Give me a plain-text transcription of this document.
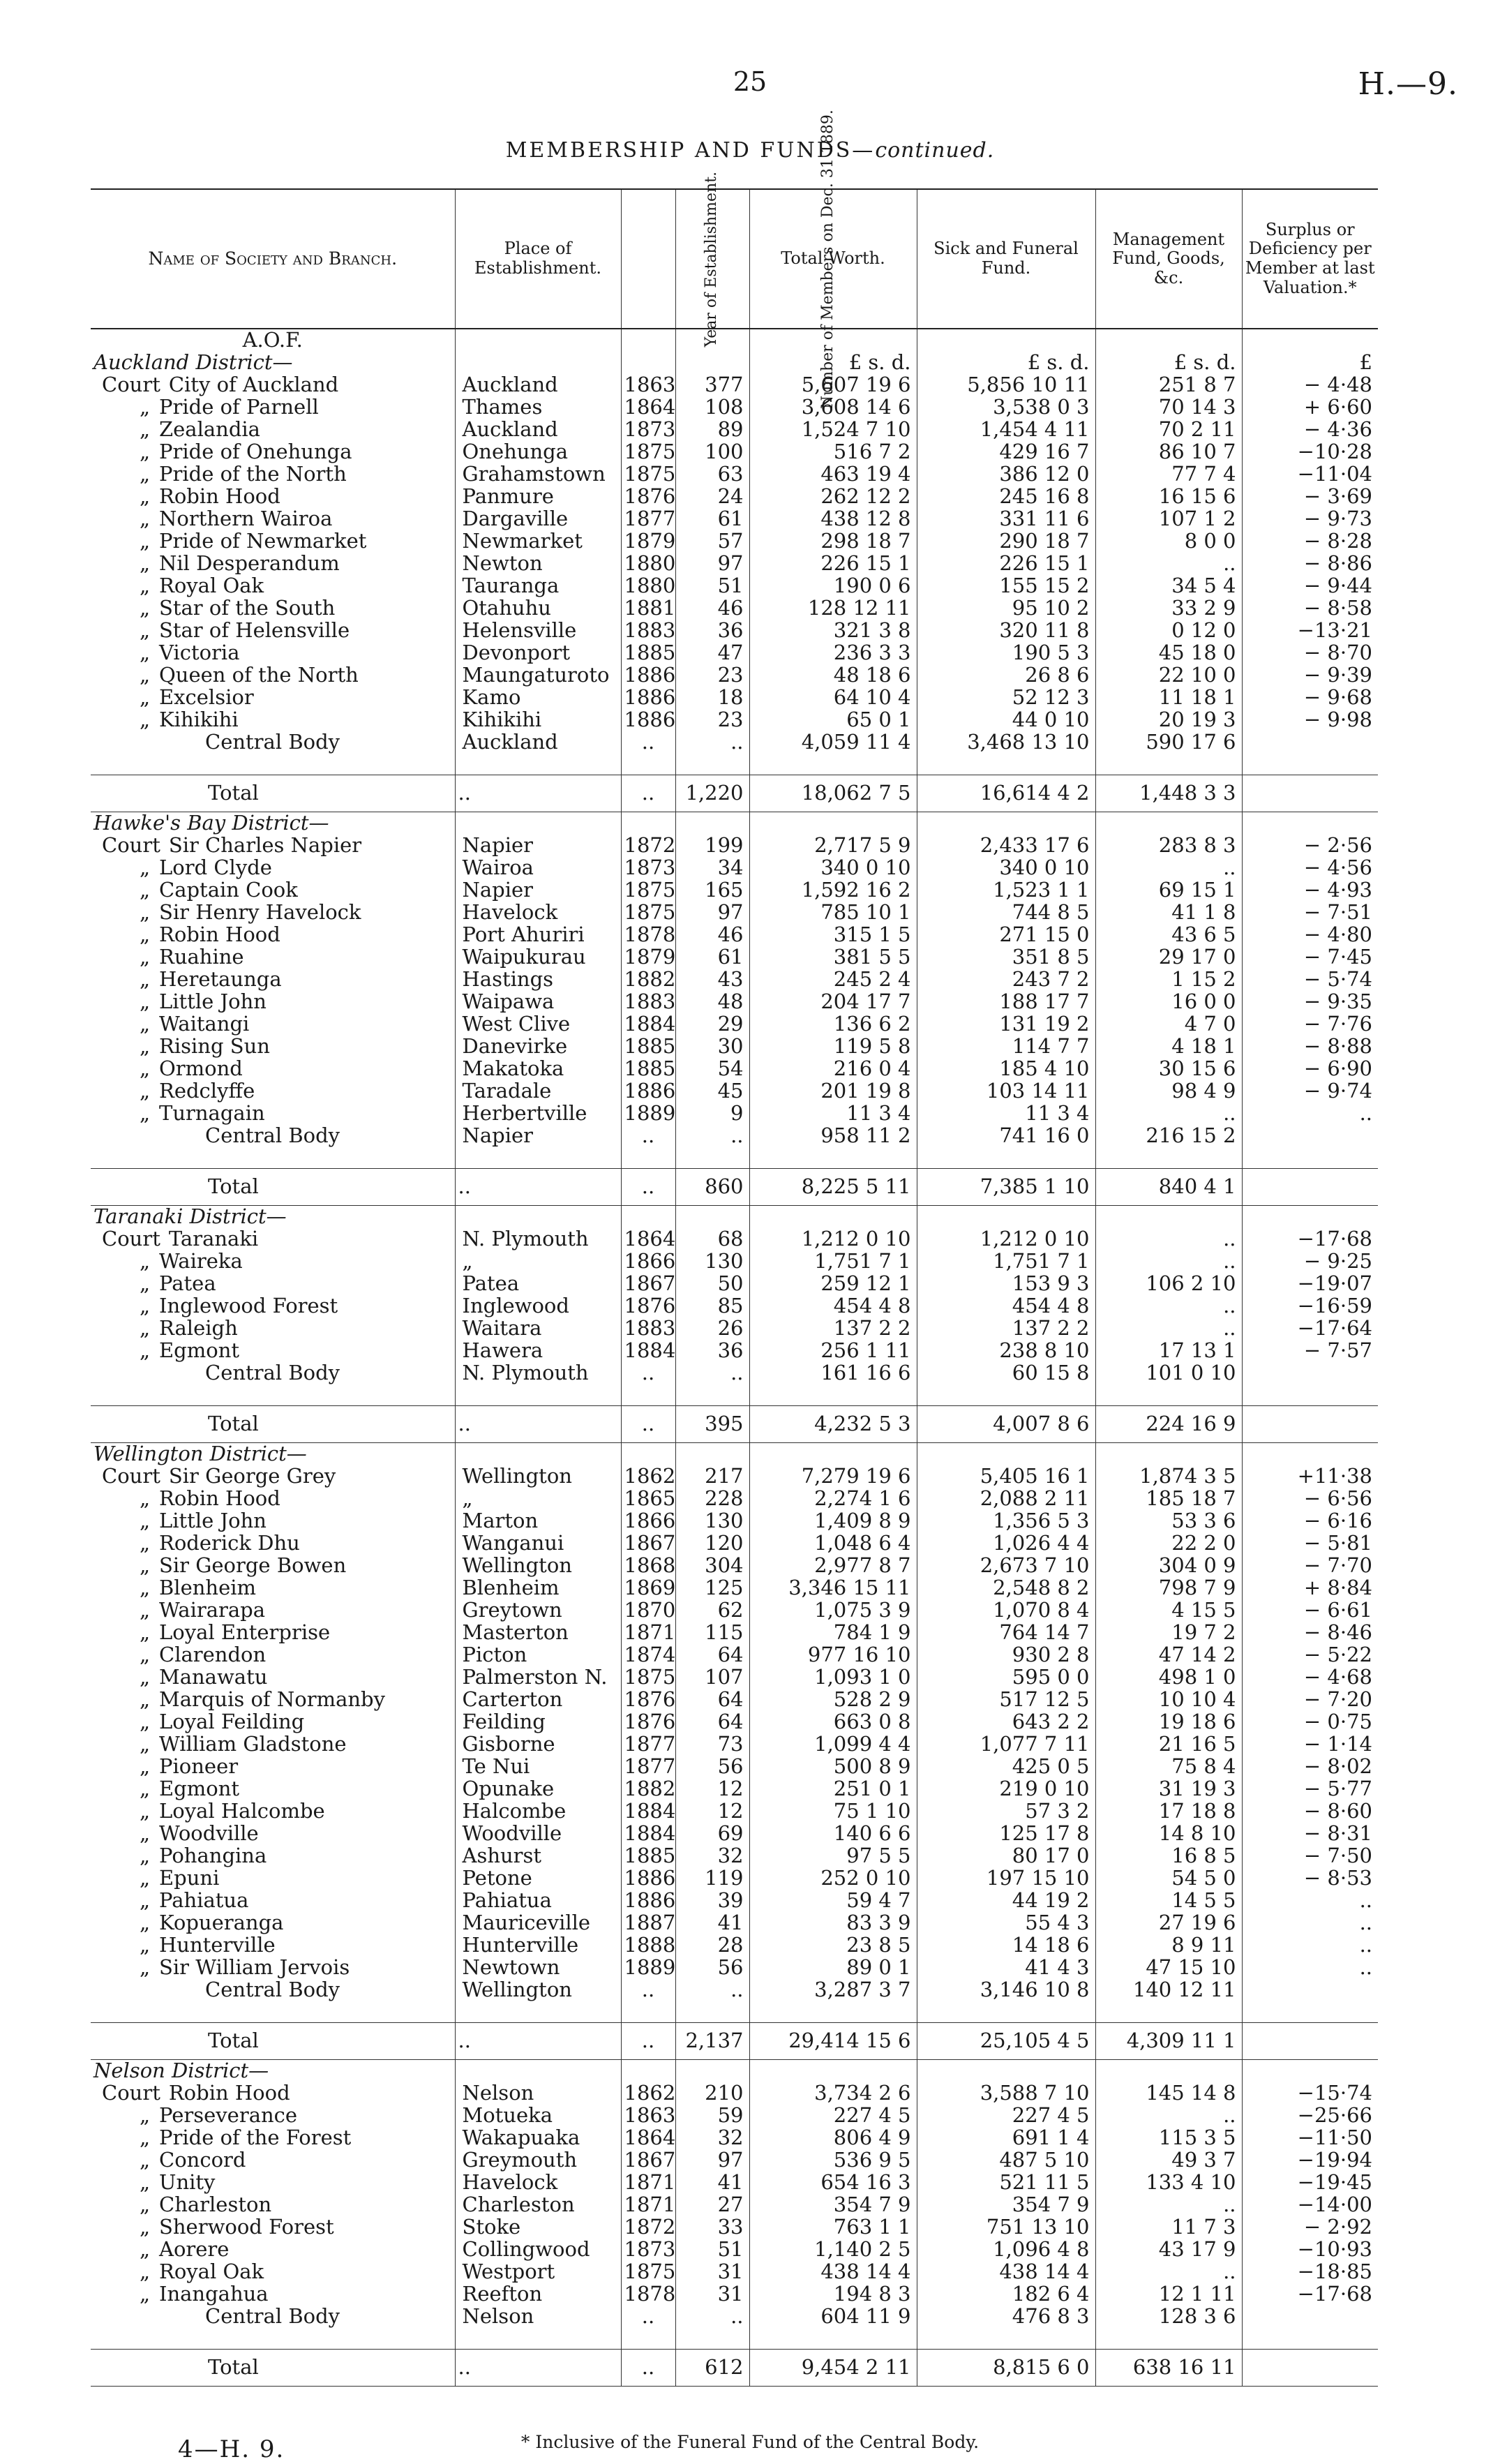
25	H.—9.
MEMBERSHIP AND FUNDS—continued.
Name of Society and Branch.	Place of Establishment.	Year of Establishment.	Number of Members on Dec. 31 1889.	Total Worth.	Sick and Funeral Fund.	Management Fund, Goods, &c.	Surplus or Deficiency per Member at last Valuation.*
A.O.F.							
Auckland District—				£ s. d.	£ s. d.	£ s. d.	£
Court City of Auckland	Auckland	1863	377	5,607 19 6	5,856 10 11	251 8 7	− 4·48
„ Pride of Parnell	Thames	1864	108	3,608 14 6	3,538 0 3	70 14 3	+ 6·60
„ Zealandia	Auckland	1873	89	1,524 7 10	1,454 4 11	70 2 11	− 4·36
„ Pride of Onehunga	Onehunga	1875	100	516 7 2	429 16 7	86 10 7	−10·28
„ Pride of the North	Grahamstown	1875	63	463 19 4	386 12 0	77 7 4	−11·04
„ Robin Hood	Panmure	1876	24	262 12 2	245 16 8	16 15 6	− 3·69
„ Northern Wairoa	Dargaville	1877	61	438 12 8	331 11 6	107 1 2	− 9·73
„ Pride of Newmarket	Newmarket	1879	57	298 18 7	290 18 7	8 0 0	− 8·28
„ Nil Desperandum	Newton	1880	97	226 15 1	226 15 1	..	− 8·86
„ Royal Oak	Tauranga	1880	51	190 0 6	155 15 2	34 5 4	− 9·44
„ Star of the South	Otahuhu	1881	46	128 12 11	95 10 2	33 2 9	− 8·58
„ Star of Helensville	Helensville	1883	36	321 3 8	320 11 8	0 12 0	−13·21
„ Victoria	Devonport	1885	47	236 3 3	190 5 3	45 18 0	− 8·70
„ Queen of the North	Maungaturoto	1886	23	48 18 6	26 8 6	22 10 0	− 9·39
„ Excelsior	Kamo	1886	18	64 10 4	52 12 3	11 18 1	− 9·68
„ Kihikihi	Kihikihi	1886	23	65 0 1	44 0 10	20 19 3	− 9·98
Central Body	Auckland	..	..	4,059 11 4	3,468 13 10	590 17 6	

Total	..	..	1,220	18,062 7 5	16,614 4 2	1,448 3 3	
Hawke's Bay District—							
Court Sir Charles Napier	Napier	1872	199	2,717 5 9	2,433 17 6	283 8 3	− 2·56
„ Lord Clyde	Wairoa	1873	34	340 0 10	340 0 10	..	− 4·56
„ Captain Cook	Napier	1875	165	1,592 16 2	1,523 1 1	69 15 1	− 4·93
„ Sir Henry Havelock	Havelock	1875	97	785 10 1	744 8 5	41 1 8	− 7·51
„ Robin Hood	Port Ahuriri	1878	46	315 1 5	271 15 0	43 6 5	− 4·80
„ Ruahine	Waipukurau	1879	61	381 5 5	351 8 5	29 17 0	− 7·45
„ Heretaunga	Hastings	1882	43	245 2 4	243 7 2	1 15 2	− 5·74
„ Little John	Waipawa	1883	48	204 17 7	188 17 7	16 0 0	− 9·35
„ Waitangi	West Clive	1884	29	136 6 2	131 19 2	4 7 0	− 7·76
„ Rising Sun	Danevirke	1885	30	119 5 8	114 7 7	4 18 1	− 8·88
„ Ormond	Makatoka	1885	54	216 0 4	185 4 10	30 15 6	− 6·90
„ Redclyffe	Taradale	1886	45	201 19 8	103 14 11	98 4 9	− 9·74
„ Turnagain	Herbertville	1889	9	11 3 4	11 3 4	..	..
Central Body	Napier	..	..	958 11 2	741 16 0	216 15 2	

Total	..	..	860	8,225 5 11	7,385 1 10	840 4 1	
Taranaki District—							
Court Taranaki	N. Plymouth	1864	68	1,212 0 10	1,212 0 10	..	−17·68
„ Waireka	„	1866	130	1,751 7 1	1,751 7 1	..	− 9·25
„ Patea	Patea	1867	50	259 12 1	153 9 3	106 2 10	−19·07
„ Inglewood Forest	Inglewood	1876	85	454 4 8	454 4 8	..	−16·59
„ Raleigh	Waitara	1883	26	137 2 2	137 2 2	..	−17·64
„ Egmont	Hawera	1884	36	256 1 11	238 8 10	17 13 1	− 7·57
Central Body	N. Plymouth	..	..	161 16 6	60 15 8	101 0 10	

Total	..	..	395	4,232 5 3	4,007 8 6	224 16 9	
Wellington District—							
Court Sir George Grey	Wellington	1862	217	7,279 19 6	5,405 16 1	1,874 3 5	+11·38
„ Robin Hood	„	1865	228	2,274 1 6	2,088 2 11	185 18 7	− 6·56
„ Little John	Marton	1866	130	1,409 8 9	1,356 5 3	53 3 6	− 6·16
„ Roderick Dhu	Wanganui	1867	120	1,048 6 4	1,026 4 4	22 2 0	− 5·81
„ Sir George Bowen	Wellington	1868	304	2,977 8 7	2,673 7 10	304 0 9	− 7·70
„ Blenheim	Blenheim	1869	125	3,346 15 11	2,548 8 2	798 7 9	+ 8·84
„ Wairarapa	Greytown	1870	62	1,075 3 9	1,070 8 4	4 15 5	− 6·61
„ Loyal Enterprise	Masterton	1871	115	784 1 9	764 14 7	19 7 2	− 8·46
„ Clarendon	Picton	1874	64	977 16 10	930 2 8	47 14 2	− 5·22
„ Manawatu	Palmerston N.	1875	107	1,093 1 0	595 0 0	498 1 0	− 4·68
„ Marquis of Normanby	Carterton	1876	64	528 2 9	517 12 5	10 10 4	− 7·20
„ Loyal Feilding	Feilding	1876	64	663 0 8	643 2 2	19 18 6	− 0·75
„ William Gladstone	Gisborne	1877	73	1,099 4 4	1,077 7 11	21 16 5	− 1·14
„ Pioneer	Te Nui	1877	56	500 8 9	425 0 5	75 8 4	− 8·02
„ Egmont	Opunake	1882	12	251 0 1	219 0 10	31 19 3	− 5·77
„ Loyal Halcombe	Halcombe	1884	12	75 1 10	57 3 2	17 18 8	− 8·60
„ Woodville	Woodville	1884	69	140 6 6	125 17 8	14 8 10	− 8·31
„ Pohangina	Ashurst	1885	32	97 5 5	80 17 0	16 8 5	− 7·50
„ Epuni	Petone	1886	119	252 0 10	197 15 10	54 5 0	− 8·53
„ Pahiatua	Pahiatua	1886	39	59 4 7	44 19 2	14 5 5	..
„ Kopueranga	Mauriceville	1887	41	83 3 9	55 4 3	27 19 6	..
„ Hunterville	Hunterville	1888	28	23 8 5	14 18 6	8 9 11	..
„ Sir William Jervois	Newtown	1889	56	89 0 1	41 4 3	47 15 10	..
Central Body	Wellington	..	..	3,287 3 7	3,146 10 8	140 12 11	

Total	..	..	2,137	29,414 15 6	25,105 4 5	4,309 11 1	
Nelson District—							
Court Robin Hood	Nelson	1862	210	3,734 2 6	3,588 7 10	145 14 8	−15·74
„ Perseverance	Motueka	1863	59	227 4 5	227 4 5	..	−25·66
„ Pride of the Forest	Wakapuaka	1864	32	806 4 9	691 1 4	115 3 5	−11·50
„ Concord	Greymouth	1867	97	536 9 5	487 5 10	49 3 7	−19·94
„ Unity	Havelock	1871	41	654 16 3	521 11 5	133 4 10	−19·45
„ Charleston	Charleston	1871	27	354 7 9	354 7 9	..	−14·00
„ Sherwood Forest	Stoke	1872	33	763 1 1	751 13 10	11 7 3	− 2·92
„ Aorere	Collingwood	1873	51	1,140 2 5	1,096 4 8	43 17 9	−10·93
„ Royal Oak	Westport	1875	31	438 14 4	438 14 4	..	−18·85
„ Inangahua	Reefton	1878	31	194 8 3	182 6 4	12 1 11	−17·68
Central Body	Nelson	..	..	604 11 9	476 8 3	128 3 6	

Total	..	..	612	9,454 2 11	8,815 6 0	638 16 11	
* Inclusive of the Funeral Fund of the Central Body.
4—H. 9.
